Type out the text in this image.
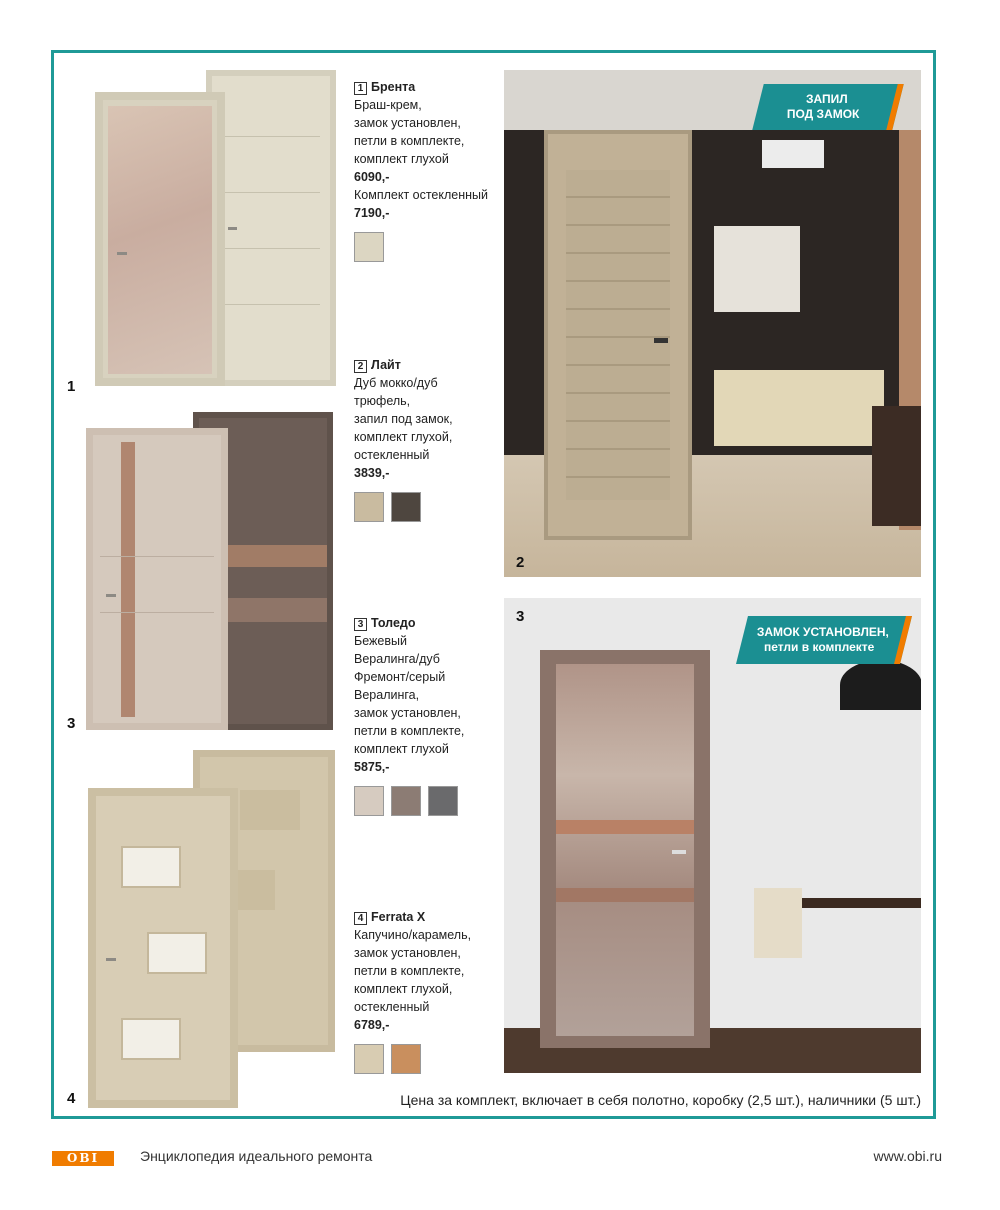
1
3
4
1 Брента
Браш-крем,
замок установлен,
петли в комплекте,
комплект глухой
6090,-
Комплект остекленный
7190,-
2 Лайт
Дуб мокко/дуб
трюфель,
запил под замок,
комплект глухой,
остекленный
3839,-
3 Толедо
Бежевый
Вералинга/дуб
Фремонт/серый
Вералинга,
замок установлен,
петли в комплекте,
комплект глухой
5875,-
4 Ferrata X
Капучино/карамель,
замок установлен,
петли в комплекте,
комплект глухой,
остекленный
6789,-
ЗАПИЛ
ПОД ЗАМОК
2
ЗАМОК УСТАНОВЛЕН,
петли в комплекте
3
Цена за комплект, включает в себя полотно, коробку (2,5 шт.), наличники (5 шт.)
OBI	Энциклопедия идеального ремонта	www.obi.ru
